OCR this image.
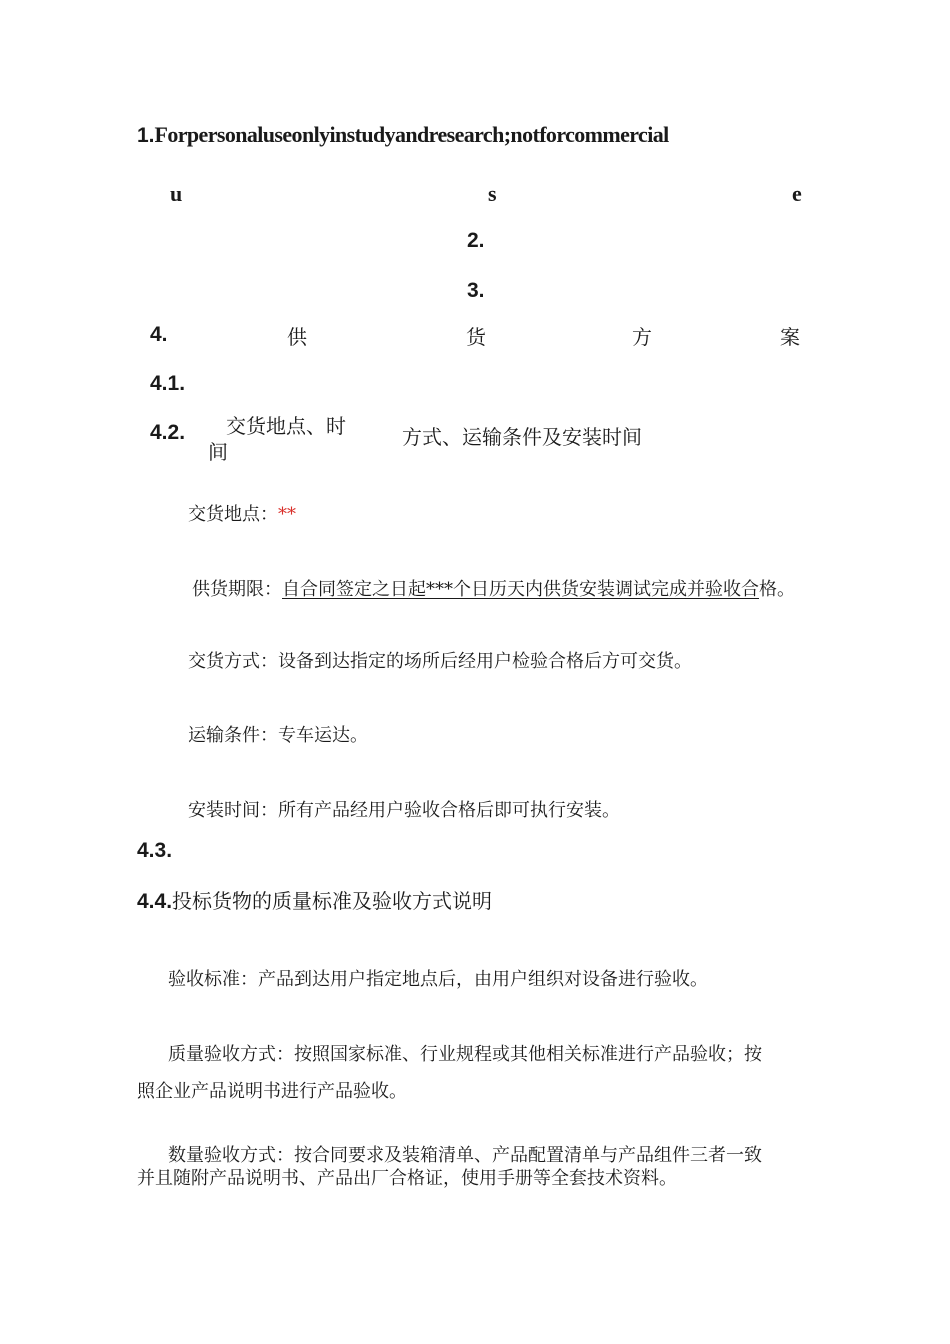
1.Forpersonaluseonlyinstudyandresearch;notforcommercial
u	s	e
2.
3.
4.	供	货	方	案
4.1.
4.2. 交货地点、时
间
方式、运输条件及安装时间
交货地点：**
供货期限：自合同签定之日起***个日历天内供货安装调试完成并验收合格。
交货方式：设备到达指定的场所后经用户检验合格后方可交货。
运输条件：专车运达。
安装时间：所有产品经用户验收合格后即可执行安装。
4.3.
4.4.投标货物的质量标准及验收方式说明
验收标准：产品到达用户指定地点后，由用户组织对设备进行验收。
质量验收方式：按照国家标准、行业规程或其他相关标准进行产品验收；按
照企业产品说明书进行产品验收。
数量验收方式：按合同要求及装箱清单、产品配置清单与产品组件三者一致
并且随附产品说明书、产品出厂合格证，使用手册等全套技术资料。
